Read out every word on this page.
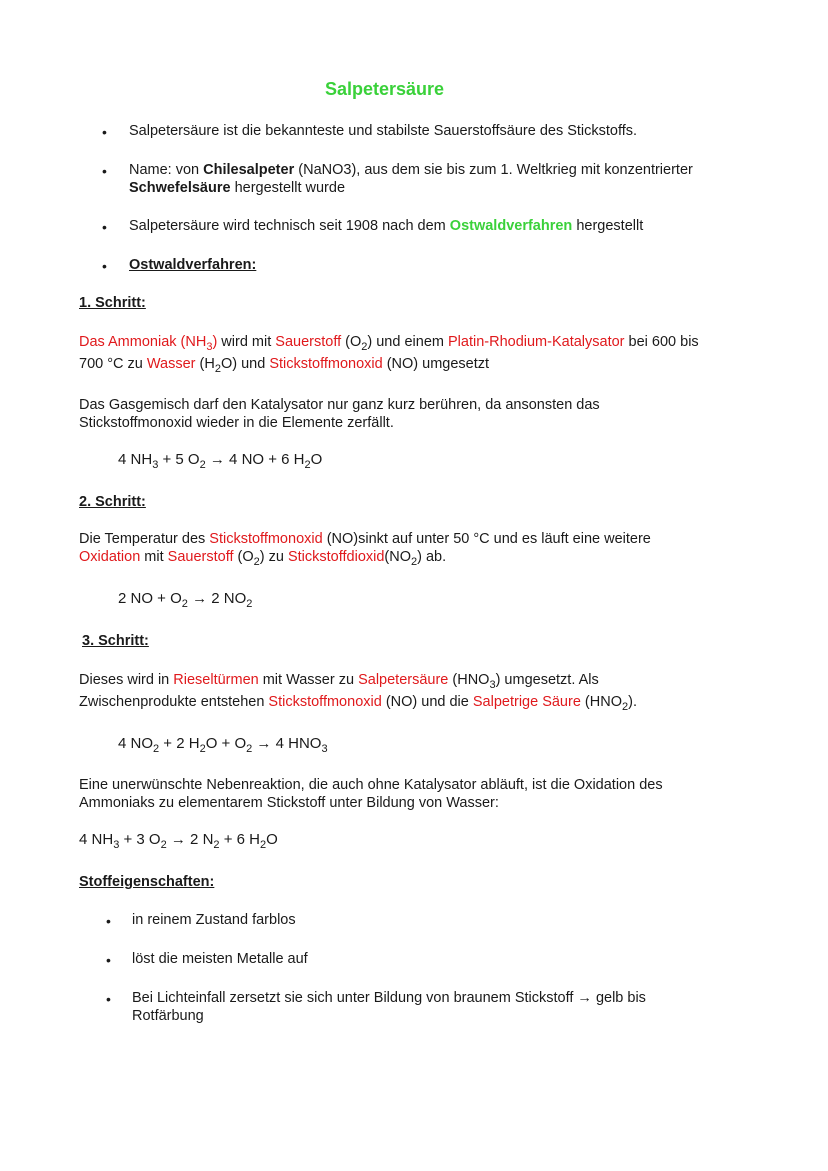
Salpetersäure
• Salpetersäure ist die bekannteste und stabilste Sauerstoffsäure des Stickstoffs.
• Name: von Chilesalpeter (NaNO3), aus dem sie bis zum 1. Weltkrieg mit konzentrierter
Schwefelsäure hergestellt wurde
• Salpetersäure wird technisch seit 1908 nach dem Ostwaldverfahren hergestellt
• Ostwaldverfahren:
1. Schritt:
Das Ammoniak $(NH_3)$ wird mit Sauerstoff $(O_2)$ und einem Platin-Rhodium-Katalysator bei 600 bis
700 °C zu Wasser $(H_2O)$ und Stickstoffmonoxid (NO) umgesetzt
Das Gasgemisch darf den Katalysator nur ganz kurz berühren, da ansonsten das
Stickstoffmonoxid wieder in die Elemente zerfällt.
4 $NH_3 + 5$ $O_2 \to 4$ NO + 6 $H_2O$
2. Schritt:
Die Temperatur des Stickstoffmonoxid (NO)sinkt auf unter 50 °C und es läuft eine weitere
Oxidation mit Sauerstoff $(O_2)$ zu $Stickstoffdioxid(NO_2)$ ab.
2 NO + $O_2 \to 2$ $NO_2$
3. Schritt:
Dieses wird in Rieseltürmen mit Wasser zu Salpetersäure $(HNO_3)$ umgesetzt. Als
Zwischenprodukte entstehen Stickstoffmonoxid (NO) und die Salpetrige Säure $(HNO_2)$.
4 $NO_2 + 2$ $H_2O + O_2 \to 4$ $HNO_3$
Eine unerwünschte Nebenreaktion, die auch ohne Katalysator abläuft, ist die Oxidation des
Ammoniaks zu elementarem Stickstoff unter Bildung von Wasser:
4 $NH_3 + 3$ $O_2 \to 2$ $N_2 + 6$ $H_2O$
Stoffeigenschaften:
• in reinem Zustand farblos
• löst die meisten Metalle auf
• Bei Lichteinfall zersetzt sie sich unter Bildung von braunem Stickstoff → gelb bis
Rotfärbung
